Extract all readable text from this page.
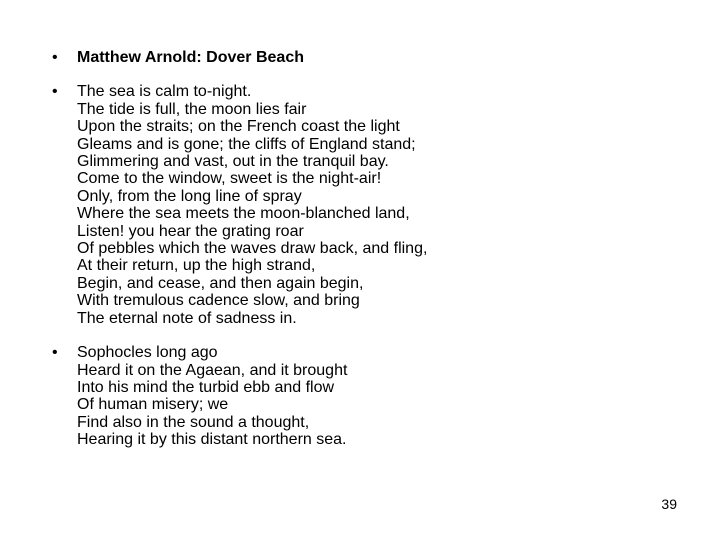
•	Matthew Arnold: Dover Beach
•	The sea is calm to-night.
The tide is full, the moon lies fair
Upon the straits; on the French coast the light
Gleams and is gone; the cliffs of England stand;
Glimmering and vast, out in the tranquil bay.
Come to the window, sweet is the night-air!
Only, from the long line of spray
Where the sea meets the moon-blanched land,
Listen! you hear the grating roar
Of pebbles which the waves draw back, and fling,
At their return, up the high strand,
Begin, and cease, and then again begin,
With tremulous cadence slow, and bring
The eternal note of sadness in.
•	Sophocles long ago
Heard it on the Agaean, and it brought
Into his mind the turbid ebb and flow
Of human misery; we
Find also in the sound a thought,
Hearing it by this distant northern sea.
39
